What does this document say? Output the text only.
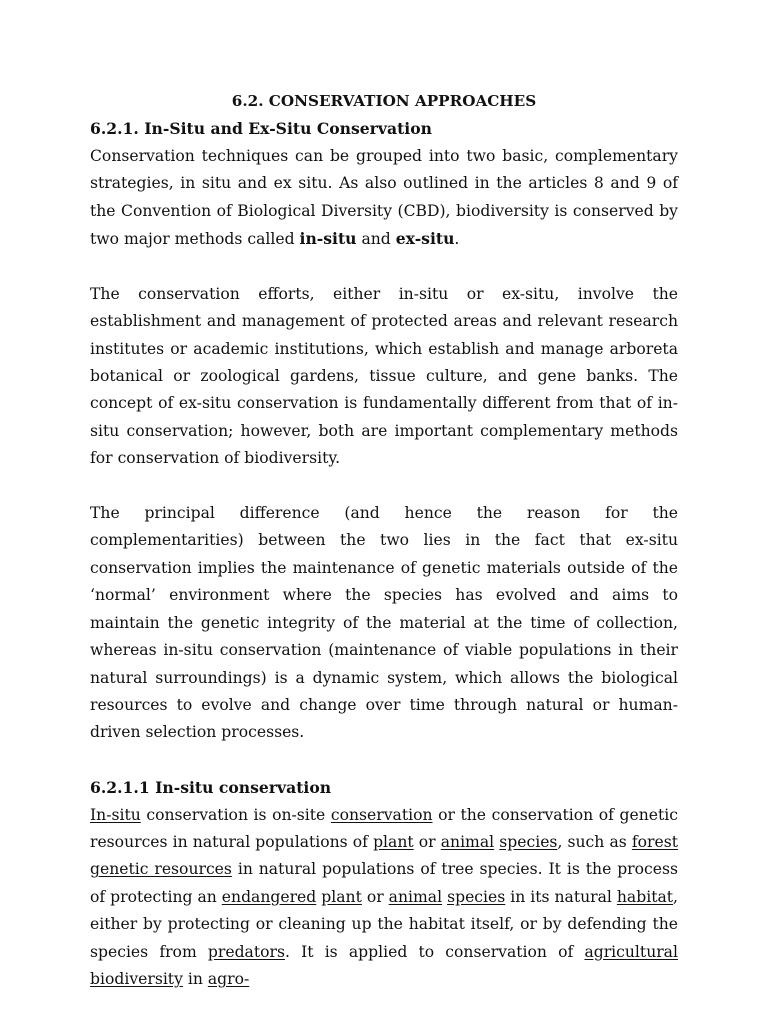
6.2. CONSERVATION APPROACHES

6.2.1. In-Situ and Ex-Situ Conservation

Conservation techniques can be grouped into two basic, complementary strategies, in situ and ex situ. As also outlined in the articles 8 and 9 of the Convention of Biological Diversity (CBD), biodiversity is conserved by two major methods called in-situ and ex-situ.

The conservation efforts, either in-situ or ex-situ, involve the establishment and management of protected areas and relevant research institutes or academic institutions, which establish and manage arboreta botanical or zoological gardens, tissue culture, and gene banks. The concept of ex-situ conservation is fundamentally different from that of in-situ conservation; however, both are important complementary methods for conservation of biodiversity.

The principal difference (and hence the reason for the complementarities) between the two lies in the fact that ex-situ conservation implies the maintenance of genetic materials outside of the ‘normal’ environment where the species has evolved and aims to maintain the genetic integrity of the material at the time of collection, whereas in-situ conservation (maintenance of viable populations in their natural surroundings) is a dynamic system, which allows the biological resources to evolve and change over time through natural or human-driven selection processes.

6.2.1.1 In-situ conservation

In-situ conservation is on-site conservation or the conservation of genetic resources in natural populations of plant or animal species, such as forest genetic resources in natural populations of tree species. It is the process of protecting an endangered plant or animal species in its natural habitat, either by protecting or cleaning up the habitat itself, or by defending the species from predators. It is applied to conservation of agricultural biodiversity in agro-
